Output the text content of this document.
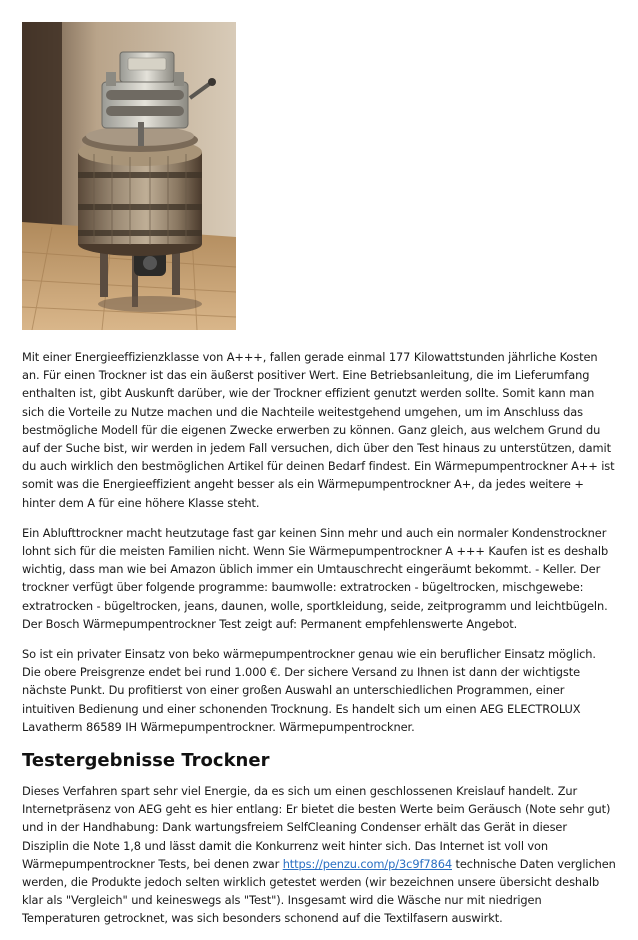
Mit einer Energieeffizienzklasse von A+++, fallen gerade einmal 177 Kilowattstunden jährliche Kosten an. Für einen Trockner ist das ein äußerst positiver Wert. Eine Betriebsanleitung, die im Lieferumfang enthalten ist, gibt Auskunft darüber, wie der Trockner effizient genutzt werden sollte. Somit kann man sich die Vorteile zu Nutze machen und die Nachteile weitestgehend umgehen, um im Anschluss das bestmögliche Modell für die eigenen Zwecke erwerben zu können. Ganz gleich, aus welchem Grund du auf der Suche bist, wir werden in jedem Fall versuchen, dich über den Test hinaus zu unterstützen, damit du auch wirklich den bestmöglichen Artikel für deinen Bedarf findest. Ein Wärmepumpentrockner A++ ist somit was die Energieeffizient angeht besser als ein Wärmepumpentrockner A+, da jedes weitere + hinter dem A für eine höhere Klasse steht.

Ein Ablufttrockner macht heutzutage fast gar keinen Sinn mehr und auch ein normaler Kondenstrockner lohnt sich für die meisten Familien nicht. Wenn Sie Wärmepumpentrockner A +++ Kaufen ist es deshalb wichtig, dass man wie bei Amazon üblich immer ein Umtauschrecht eingeräumt bekommt. - Keller. Der trockner verfügt über folgende programme: baumwolle: extratrocken - bügeltrocken, mischgewebe: extratrocken - bügeltrocken, jeans, daunen, wolle, sportkleidung, seide, zeitprogramm und leichtbügeln. Der Bosch Wärmepumpentrockner Test zeigt auf: Permanent empfehlenswerte Angebot.

So ist ein privater Einsatz von beko wärmepumpentrockner genau wie ein beruflicher Einsatz möglich. Die obere Preisgrenze endet bei rund 1.000 €. Der sichere Versand zu Ihnen ist dann der wichtigste nächste Punkt. Du profitierst von einer großen Auswahl an unterschiedlichen Programmen, einer intuitiven Bedienung und einer schonenden Trocknung. Es handelt sich um einen AEG ELECTROLUX Lavatherm 86589 IH Wärmepumpentrockner. Wärmepumpentrockner.

Testergebnisse Trockner

Dieses Verfahren spart sehr viel Energie, da es sich um einen geschlossenen Kreislauf handelt. Zur Internetpräsenz von AEG geht es hier entlang: Er bietet die besten Werte beim Geräusch (Note sehr gut) und in der Handhabung: Dank wartungsfreiem SelfCleaning Condenser erhält das Gerät in dieser Disziplin die Note 1,8 und lässt damit die Konkurrenz weit hinter sich. Das Internet ist voll von Wärmepumpentrockner Tests, bei denen zwar https://penzu.com/p/3c9f7864 technische Daten verglichen werden, die Produkte jedoch selten wirklich getestet werden (wir bezeichnen unsere übersicht deshalb klar als "Vergleich" und keineswegs als "Test"). Insgesamt wird die Wäsche nur mit niedrigen Temperaturen getrocknet, was sich besonders schonend auf die Textilfasern auswirkt.
